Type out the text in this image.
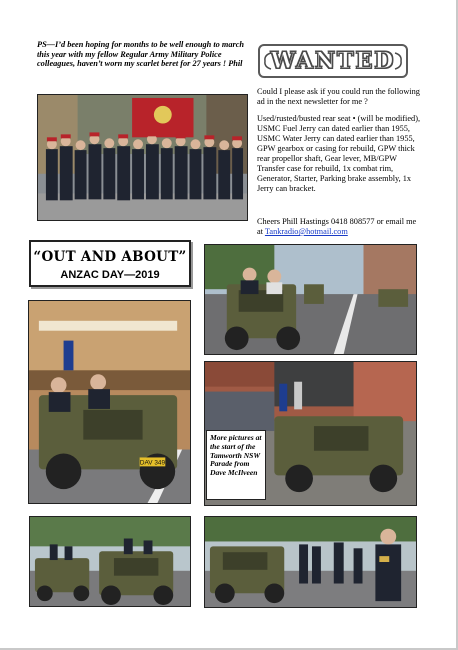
PS—I’d been hoping for months to be well enough to march this year with my fellow Regular Army Military Police colleagues, haven’t worn my scarlet beret for 27 years ! Phil	WANTED
Could I please ask if you could run the following ad in the next newsletter for me ?
Used/rusted/busted rear seat • (will be modified), USMC Fuel Jerry can dated earlier than 1955, USMC Water Jerry can dated earlier than 1955, GPW gearbox or casing for rebuild, GPW thick rear propellor shaft, Gear lever, MB/GPW Transfer case for rebuild, 1x combat rim, Generator, Starter, Parking brake assembly, 1x Jerry can bracket.
Cheers Phill Hastings 0418 808577 or email me at Tankradio@hotmail.com
“OUT AND ABOUT”
ANZAC DAY—2019
DAV 349
More pictures at the start of the Tamworth NSW Parade from Dave McIlveen
